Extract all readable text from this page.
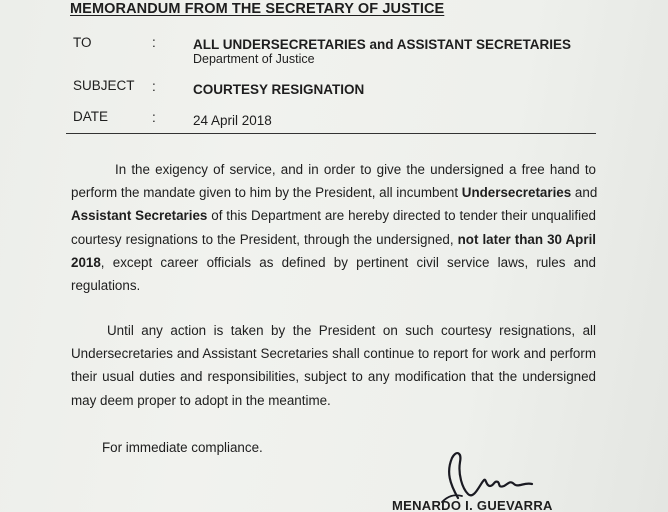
MEMORANDUM FROM THE SECRETARY OF JUSTICE
TO	:	ALL UNDERSECRETARIES and ASSISTANT SECRETARIES
Department of Justice
SUBJECT :	COURTESY RESIGNATION
DATE	:	24 April 2018
In the exigency of service, and in order to give the undersigned a free hand to
perform the mandate given to him by the President, all incumbent Undersecretaries and
Assistant Secretaries of this Department are hereby directed to tender their unqualified
courtesy resignations to the President, through the undersigned, not later than 30 April
2018, except career officials as defined by pertinent civil service laws, rules and
regulations.
Until any action is taken by the President on such courtesy resignations, all
Undersecretaries and Assistant Secretaries shall continue to report for work and perform
their usual duties and responsibilities, subject to any modification that the undersigned
may deem proper to adopt in the meantime.
For immediate compliance.
MENARDO I. GUEVARRA
